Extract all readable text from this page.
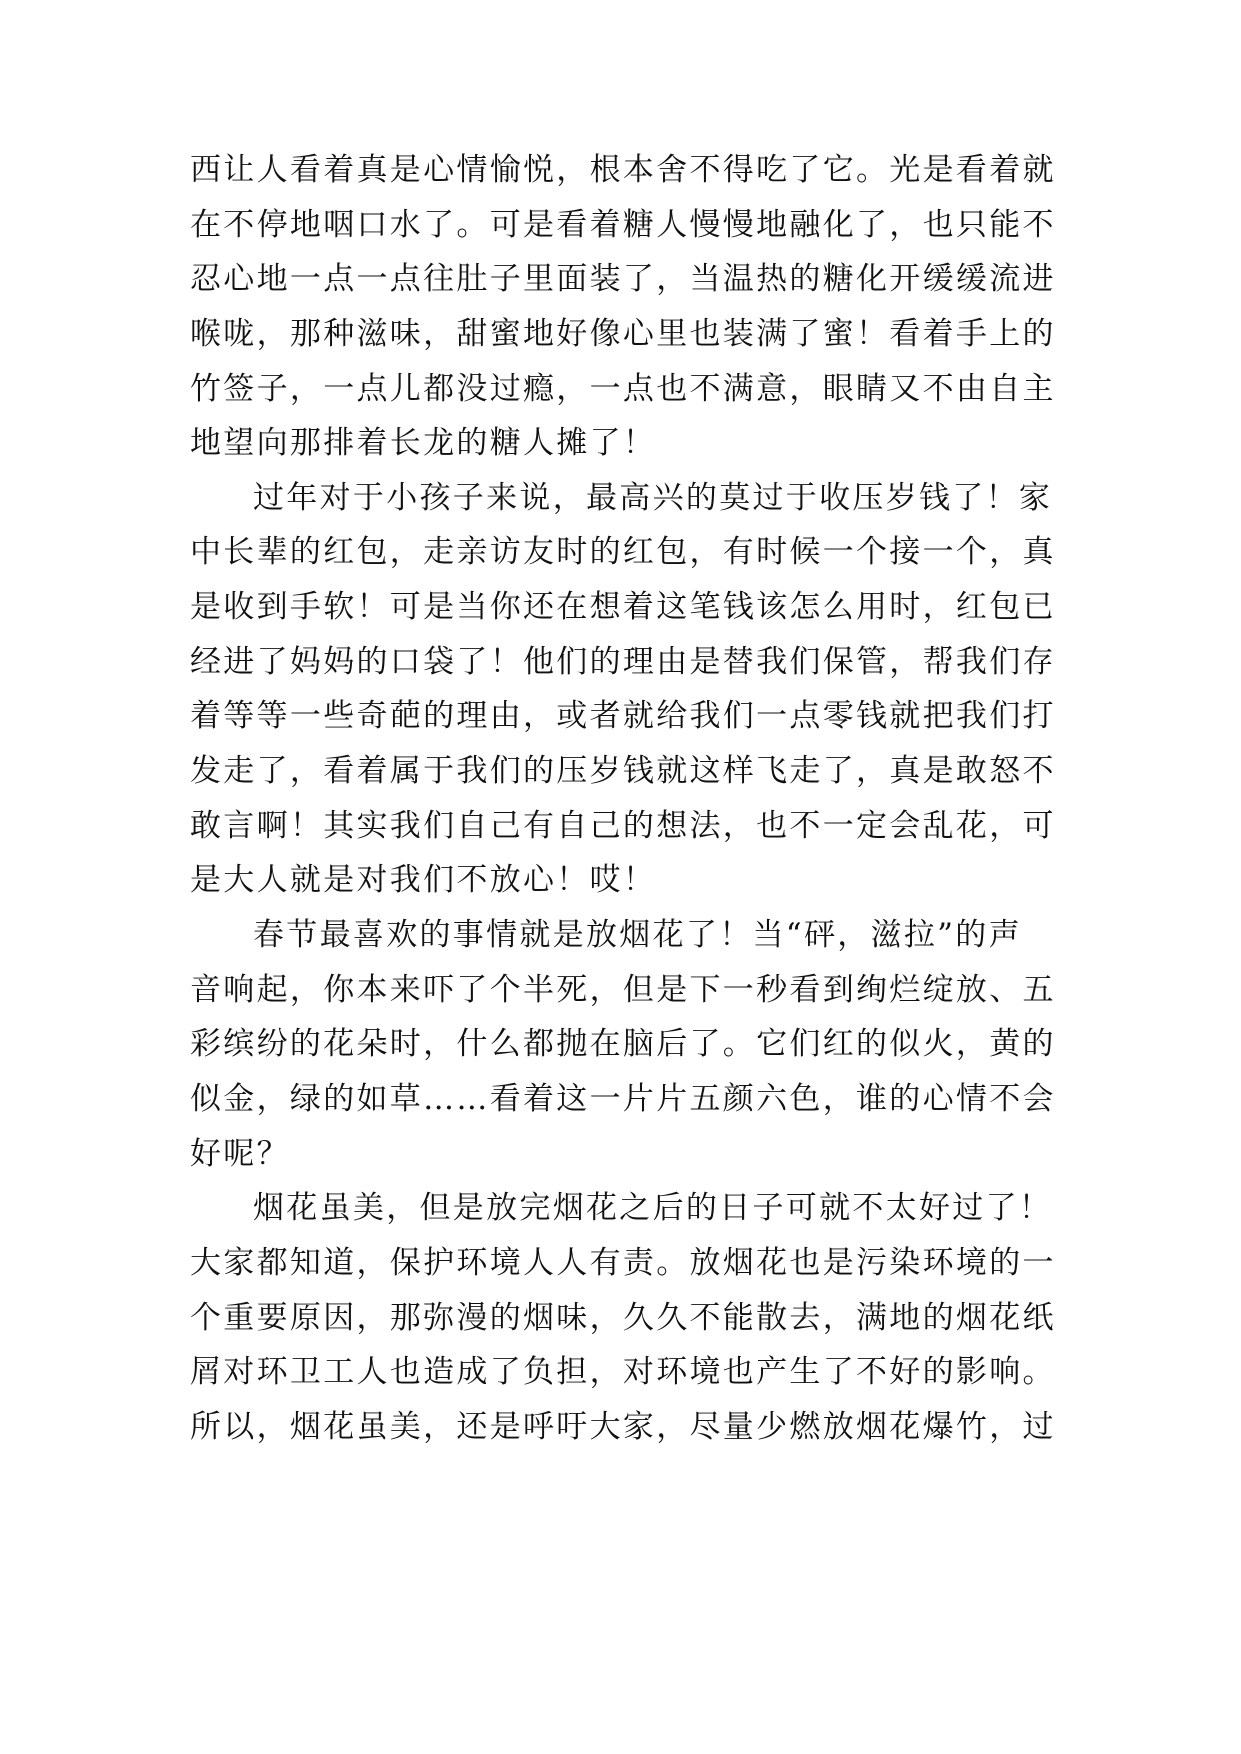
西让人看着真是心情愉悦，根本舍不得吃了它。光是看着就
在不停地咽口水了。可是看着糖人慢慢地融化了，也只能不
忍心地一点一点往肚子里面装了，当温热的糖化开缓缓流进
喉咙，那种滋味，甜蜜地好像心里也装满了蜜！看着手上的
竹签子，一点儿都没过瘾，一点也不满意，眼睛又不由自主
地望向那排着长龙的糖人摊了！
过年对于小孩子来说，最高兴的莫过于收压岁钱了！家
中长辈的红包，走亲访友时的红包，有时候一个接一个，真
是收到手软！可是当你还在想着这笔钱该怎么用时，红包已
经进了妈妈的口袋了！他们的理由是替我们保管，帮我们存
着等等一些奇葩的理由，或者就给我们一点零钱就把我们打
发走了，看着属于我们的压岁钱就这样飞走了，真是敢怒不
敢言啊！其实我们自己有自己的想法，也不一定会乱花，可
是大人就是对我们不放心！哎！
春节最喜欢的事情就是放烟花了！当“砰，滋拉”的声
音响起，你本来吓了个半死，但是下一秒看到绚烂绽放、五
彩缤纷的花朵时，什么都抛在脑后了。它们红的似火，黄的
似金，绿的如草……看着这一片片五颜六色，谁的心情不会
好呢？
烟花虽美，但是放完烟花之后的日子可就不太好过了！
大家都知道，保护环境人人有责。放烟花也是污染环境的一
个重要原因，那弥漫的烟味，久久不能散去，满地的烟花纸
屑对环卫工人也造成了负担，对环境也产生了不好的影响。
所以，烟花虽美，还是呼吁大家，尽量少燃放烟花爆竹，过
